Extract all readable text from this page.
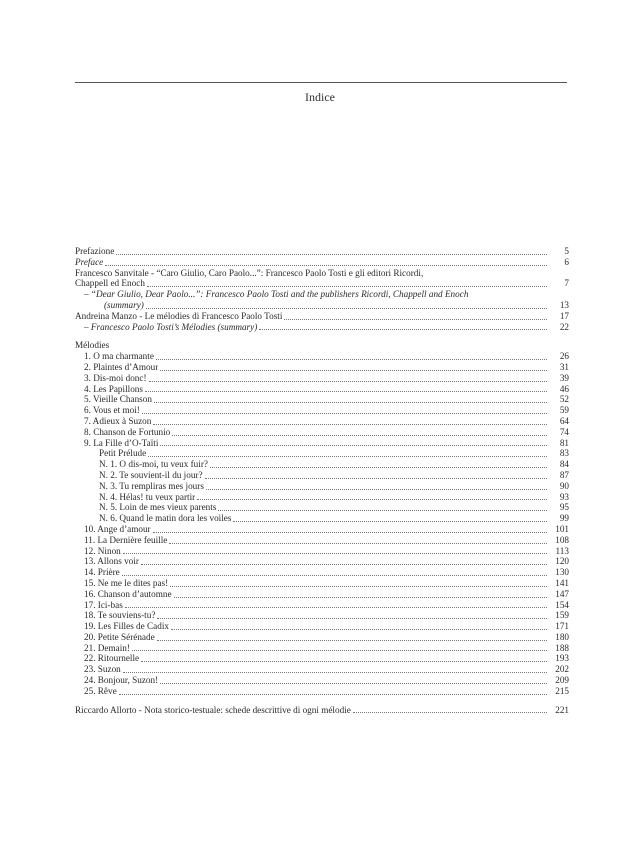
Indice
Prefazione	5
Preface	6
Francesco Sanvitale - “Caro Giulio, Caro Paolo...”: Francesco Paolo Tosti e gli editori Ricordi,
Chappell ed Enoch	7
– “Dear Giulio, Dear Paolo...”: Francesco Paolo Tosti and the publishers Ricordi, Chappell and Enoch
(summary)	13
Andreina Manzo - Le mélodies di Francesco Paolo Tosti	17
– Francesco Paolo Tosti’s Mélodies (summary)	22
Mélodies
1. O ma charmante	26
2. Plaintes d’Amour	31
3. Dis-moi donc!	39
4. Les Papillons	46
5. Vieille Chanson	52
6. Vous et moi!	59
7. Adieux à Suzon	64
8. Chanson de Fortunio	74
9. La Fille d’O-Taïti	81
Petit Prélude	83
N. 1. O dis-moi, tu veux fuir?	84
N. 2. Te souvient-il du jour?	87
N. 3. Tu rempliras mes jours	90
N. 4. Hélas! tu veux partir	93
N. 5. Loin de mes vieux parents	95
N. 6. Quand le matin dora les voiles	99
10. Ange d’amour	101
11. La Dernière feuille	108
12. Ninon	113
13. Allons voir	120
14. Prière	130
15. Ne me le dites pas!	141
16. Chanson d’automne	147
17. Ici-bas	154
18. Te souviens-tu?	159
19. Les Filles de Cadix	171
20. Petite Sérénade	180
21. Demain!	188
22. Ritournelle	193
23. Suzon	202
24. Bonjour, Suzon!	209
25. Rêve	215
Riccardo Allorto - Nota storico-testuale: schede descrittive di ogni mélodie	221
